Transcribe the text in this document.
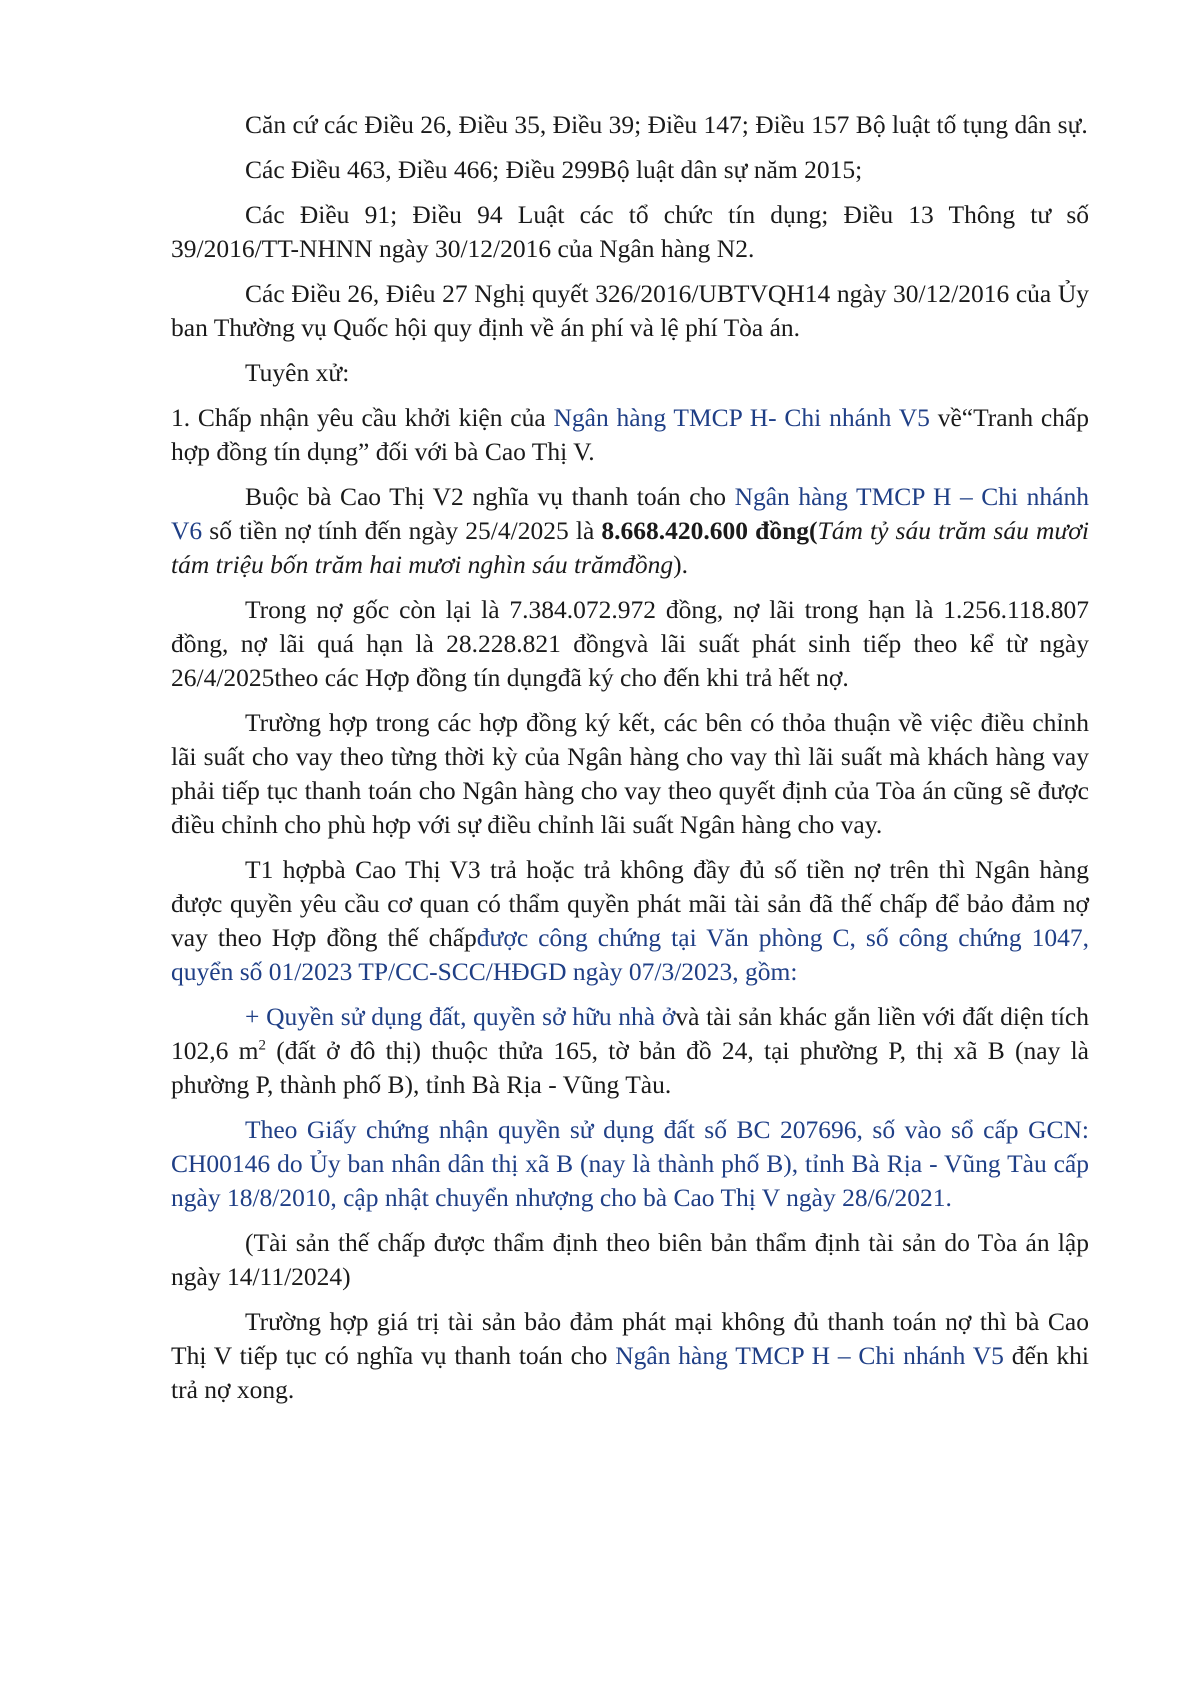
Căn cứ các Điều 26, Điều 35, Điều 39; Điều 147; Điều 157 Bộ luật tố tụng dân sự.

Các Điều 463, Điều 466; Điều 299Bộ luật dân sự năm 2015;

Các Điều 91; Điều 94 Luật các tổ chức tín dụng; Điều 13 Thông tư số 39/2016/TT-NHNN ngày 30/12/2016 của Ngân hàng N2.

Các Điều 26, Điêu 27 Nghị quyết 326/2016/UBTVQH14 ngày 30/12/2016 của Ủy ban Thường vụ Quốc hội quy định về án phí và lệ phí Tòa án.

Tuyên xử:

1. Chấp nhận yêu cầu khởi kiện của Ngân hàng TMCP H- Chi nhánh V5 về“Tranh chấp hợp đồng tín dụng” đối với bà Cao Thị V.

Buộc bà Cao Thị V2 nghĩa vụ thanh toán cho Ngân hàng TMCP H – Chi nhánh V6 số tiền nợ tính đến ngày 25/4/2025 là 8.668.420.600 đồng(Tám tỷ sáu trăm sáu mươi tám triệu bốn trăm hai mươi nghìn sáu trămđồng).

Trong nợ gốc còn lại là 7.384.072.972 đồng, nợ lãi trong hạn là 1.256.118.807 đồng, nợ lãi quá hạn là 28.228.821 đồngvà lãi suất phát sinh tiếp theo kể từ ngày 26/4/2025theo các Hợp đồng tín dụngđã ký cho đến khi trả hết nợ.

Trường hợp trong các hợp đồng ký kết, các bên có thỏa thuận về việc điều chỉnh lãi suất cho vay theo từng thời kỳ của Ngân hàng cho vay thì lãi suất mà khách hàng vay phải tiếp tục thanh toán cho Ngân hàng cho vay theo quyết định của Tòa án cũng sẽ được điều chỉnh cho phù hợp với sự điều chỉnh lãi suất Ngân hàng cho vay.

T1 hợpbà Cao Thị V3 trả hoặc trả không đầy đủ số tiền nợ trên thì Ngân hàng được quyền yêu cầu cơ quan có thẩm quyền phát mãi tài sản đã thế chấp để bảo đảm nợ vay theo Hợp đồng thế chấpđược công chứng tại Văn phòng C, số công chứng 1047, quyển số 01/2023 TP/CC-SCC/HĐGD ngày 07/3/2023, gồm:

+ Quyền sử dụng đất, quyền sở hữu nhà ởvà tài sản khác gắn liền với đất diện tích 102,6 $m^2$ (đất ở đô thị) thuộc thửa 165, tờ bản đồ 24, tại phường P, thị xã B (nay là phường P, thành phố B), tỉnh Bà Rịa - Vũng Tàu.

Theo Giấy chứng nhận quyền sử dụng đất số BC 207696, số vào sổ cấp GCN: CH00146 do Ủy ban nhân dân thị xã B (nay là thành phố B), tỉnh Bà Rịa - Vũng Tàu cấp ngày 18/8/2010, cập nhật chuyển nhượng cho bà Cao Thị V ngày 28/6/2021.

(Tài sản thế chấp được thẩm định theo biên bản thẩm định tài sản do Tòa án lập ngày 14/11/2024)

Trường hợp giá trị tài sản bảo đảm phát mại không đủ thanh toán nợ thì bà Cao Thị V tiếp tục có nghĩa vụ thanh toán cho Ngân hàng TMCP H – Chi nhánh V5 đến khi trả nợ xong.
